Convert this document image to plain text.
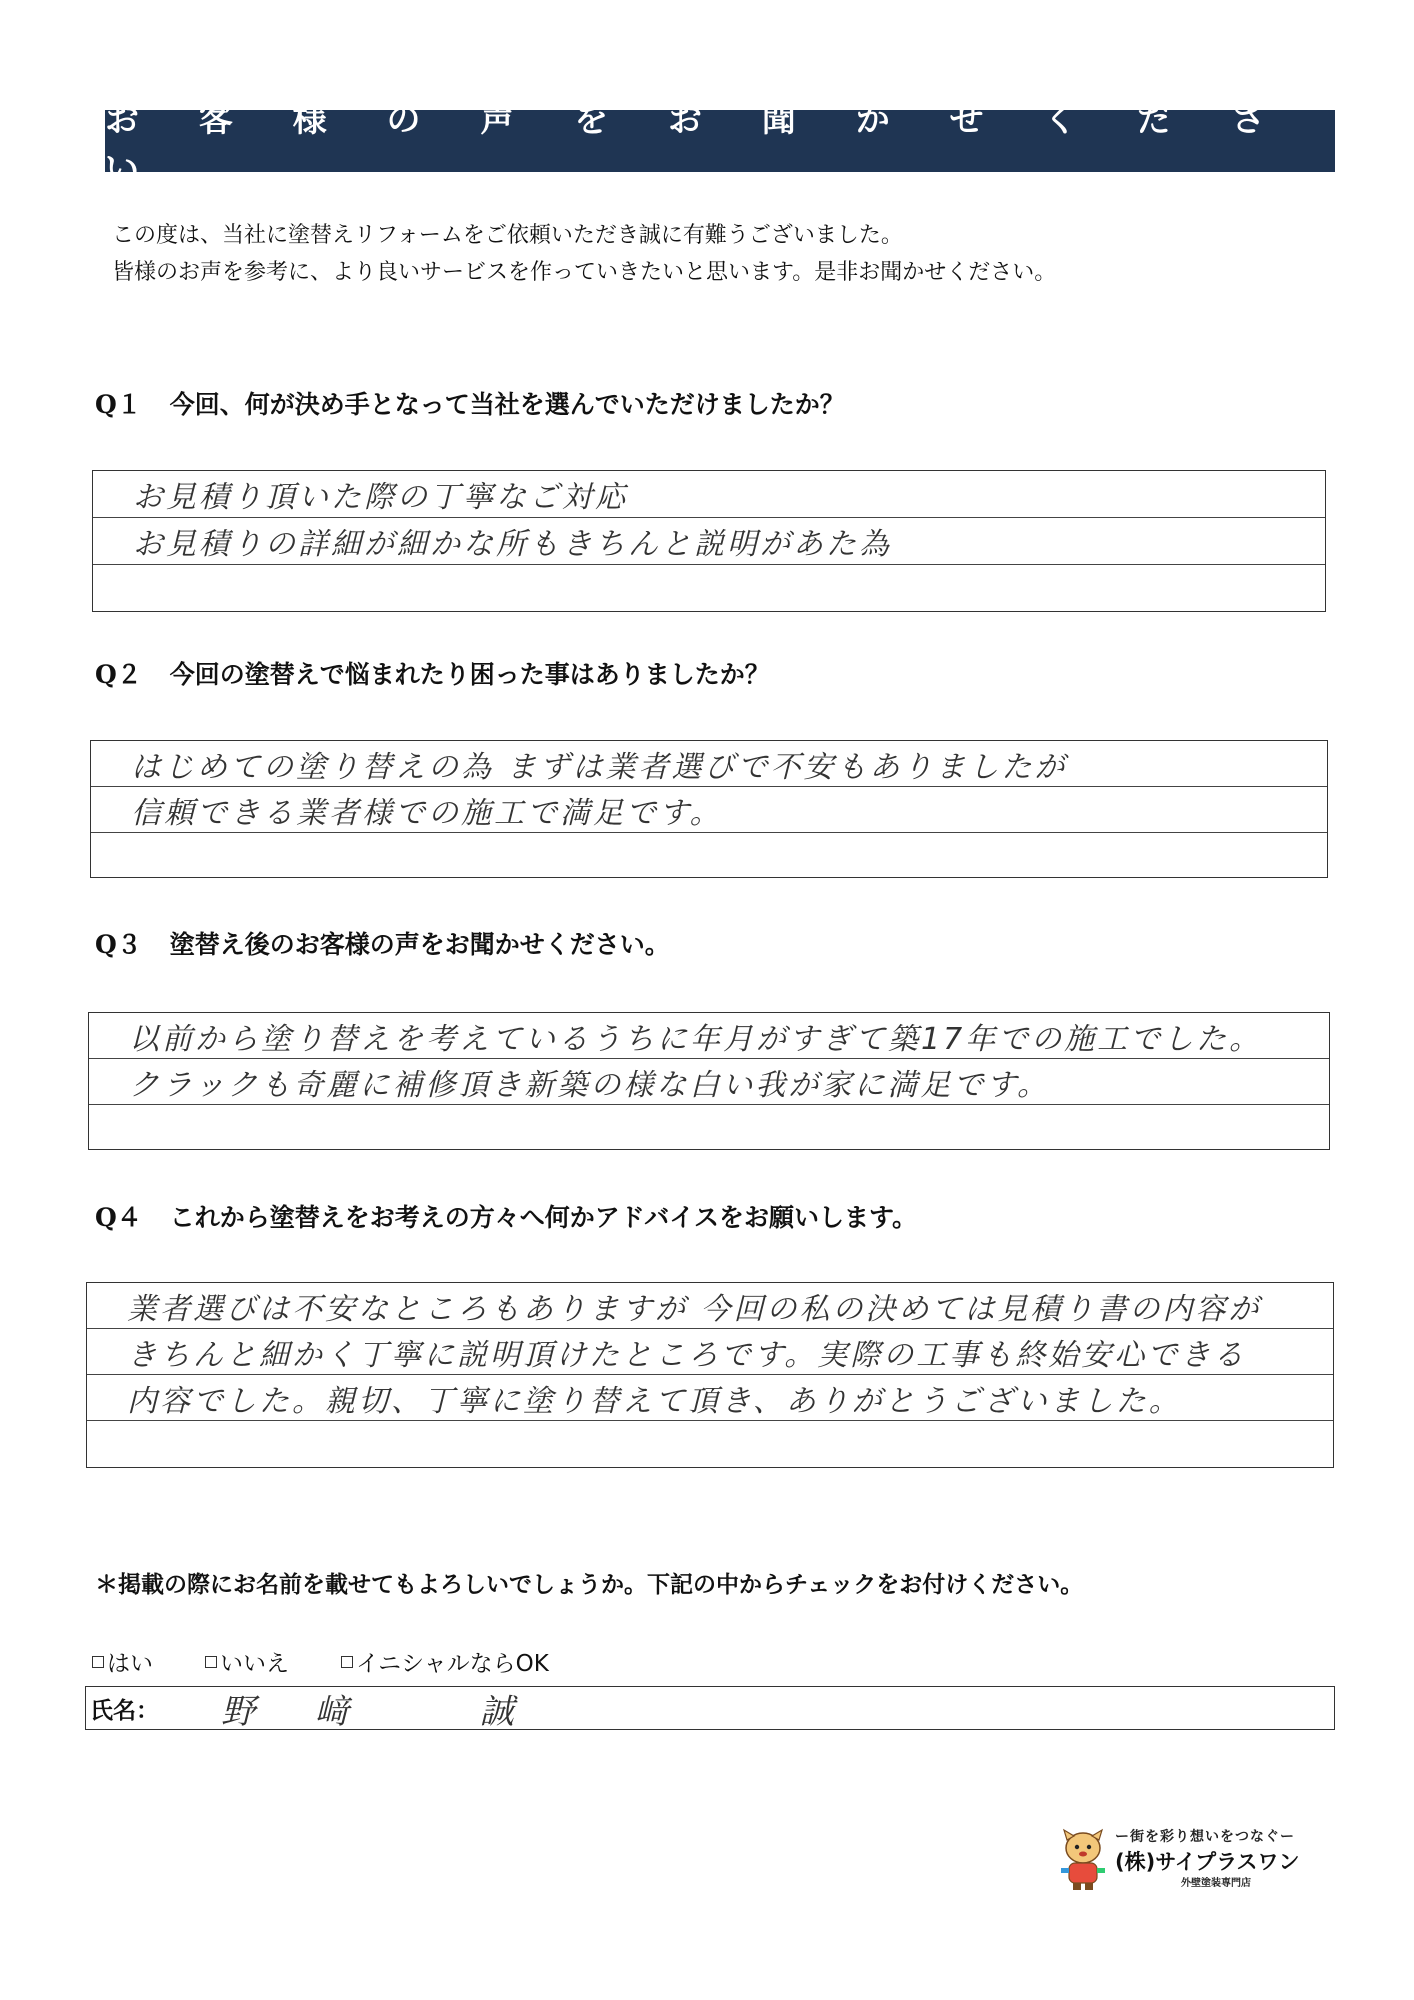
お 客 様 の 声 を お 聞 か せ く だ さ い
この度は、当社に塗替えリフォームをご依頼いただき誠に有難うございました。
皆様のお声を参考に、より良いサービスを作っていきたいと思います。是非お聞かせください。
Q１ 今回、何が決め手となって当社を選んでいただけましたか？
お見積り頂いた際の丁寧なご対応
お見積りの詳細が細かな所もきちんと説明があた為
Q２ 今回の塗替えで悩まれたり困った事はありましたか？
はじめての塗り替えの為 まずは業者選びで不安もありましたが
信頼できる業者様での施工で満足です。
Q３ 塗替え後のお客様の声をお聞かせください。
以前から塗り替えを考えているうちに年月がすぎて築17年での施工でした。
クラックも奇麗に補修頂き新築の様な白い我が家に満足です。
Q４ これから塗替えをお考えの方々へ何かアドバイスをお願いします。
業者選びは不安なところもありますが 今回の私の決めては見積り書の内容が
きちんと細かく丁寧に説明頂けたところです。実際の工事も終始安心できる
内容でした。親切、丁寧に塗り替えて頂き、ありがとうございました。
＊掲載の際にお名前を載せてもよろしいでしょうか。下記の中からチェックをお付けください。
はい	いいえ	イニシャルならOK
氏名： 野﨑 誠
ー街を彩り想いをつなぐー
(株)サイプラスワン
外壁塗装専門店
